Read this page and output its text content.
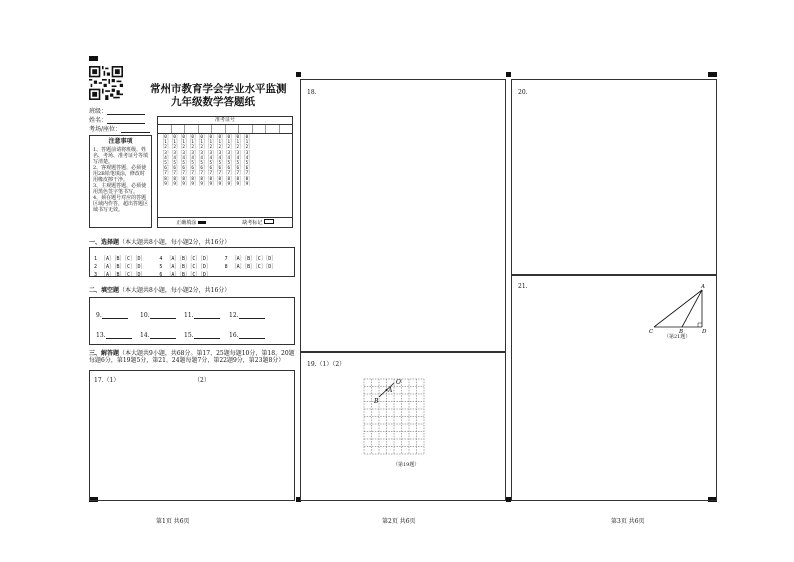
常州市教育学会学业水平监测
九年级数学答题纸
班级：
姓名：
考场/座位：
注意事项
1、答题前请将班级、姓名、考场、准考证号等填写清楚。
2、客观题答题，必须使用2B铅笔填涂，修改时用橡皮擦干净。
3、主观题答题，必须使用黑色签字笔书写。
4、须在题号对应的答题区域内作答，超出答题区域书写无效。
准考证号
［0］［0］［0］［0］［0］［0］［0］［0］［0］［0］
［1］［1］［1］［1］［1］［1］［1］［1］［1］［1］
［2］［2］［2］［2］［2］［2］［2］［2］［2］［2］
［3］［3］［3］［3］［3］［3］［3］［3］［3］［3］
［4］［4］［4］［4］［4］［4］［4］［4］［4］［4］
［5］［5］［5］［5］［5］［5］［5］［5］［5］［5］
［6］［6］［6］［6］［6］［6］［6］［6］［6］［6］
［7］［7］［7］［7］［7］［7］［7］［7］［7］［7］
［8］［8］［8］［8］［8］［8］［8］［8］［8］［8］
［9］［9］［9］［9］［9］［9］［9］［9］［9］［9］
正确填涂	缺考标记
一、选择题（本大题共8小题，每小题2分，共16分）
1 ［A］［B］［C］［D］	4 ［A］［B］［C］［D］	7 ［A］［B］［C］［D］
2 ［A］［B］［C］［D］	5 ［A］［B］［C］［D］	8 ［A］［B］［C］［D］
3 ［A］［B］［C］［D］	6 ［A］［B］［C］［D］
二、填空题（本大题共8小题，每小题2分，共16分）
9.	10.	11.	12.
13.	14.	15.	16.
三、解答题（本大题共9小题，共68分。第17、25题每题10分，第18、20题每题6分，第19题5分，第21、24题每题7分，第22题9分，第23题8分）
17.（1）	（2）
18.
19.（1）（2）
O
A
B
（第19题）
20.
21.	A
C	B	D
（第21题）
第1页 共6页	第2页 共6页	第3页 共6页
